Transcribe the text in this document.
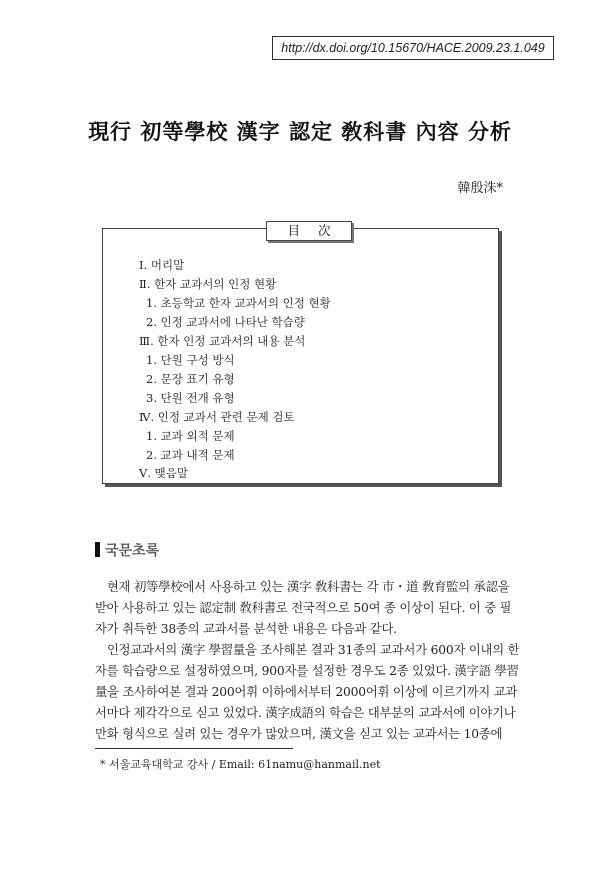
http://dx.doi.org/10.15670/HACE.2009.23.1.049
現行 初等學校 漢字 認定 敎科書 內容 分析
韓殷洙*
目次
Ⅰ. 머리말
Ⅱ. 한자 교과서의 인정 현황
1. 초등학교 한자 교과서의 인정 현황
2. 인정 교과서에 나타난 학습량
Ⅲ. 한자 인정 교과서의 내용 분석
1. 단원 구성 방식
2. 문장 표기 유형
3. 단원 전개 유형
Ⅳ. 인정 교과서 관련 문제 검토
1. 교과 외적 문제
2. 교과 내적 문제
Ⅴ. 맺음말
국문초록
현재 初等學校에서 사용하고 있는 漢字 敎科書는 각 市・道 敎育監의 承認을
받아 사용하고 있는 認定制 敎科書로 전국적으로 50여 종 이상이 된다. 이 중 필
자가 취득한 38종의 교과서를 분석한 내용은 다음과 같다.
인정교과서의 漢字 學習量을 조사해본 결과 31종의 교과서가 600자 이내의 한
자를 학습량으로 설정하였으며, 900자를 설정한 경우도 2종 있었다. 漢字語 學習
量을 조사하여본 결과 200어휘 이하에서부터 2000어휘 이상에 이르기까지 교과
서마다 제각각으로 싣고 있었다. 漢字成語의 학습은 대부분의 교과서에 이야기나
만화 형식으로 실려 있는 경우가 많았으며, 漢文을 싣고 있는 교과서는 10종에
* 서울교육대학교 강사 / Email: 61namu@hanmail.net
